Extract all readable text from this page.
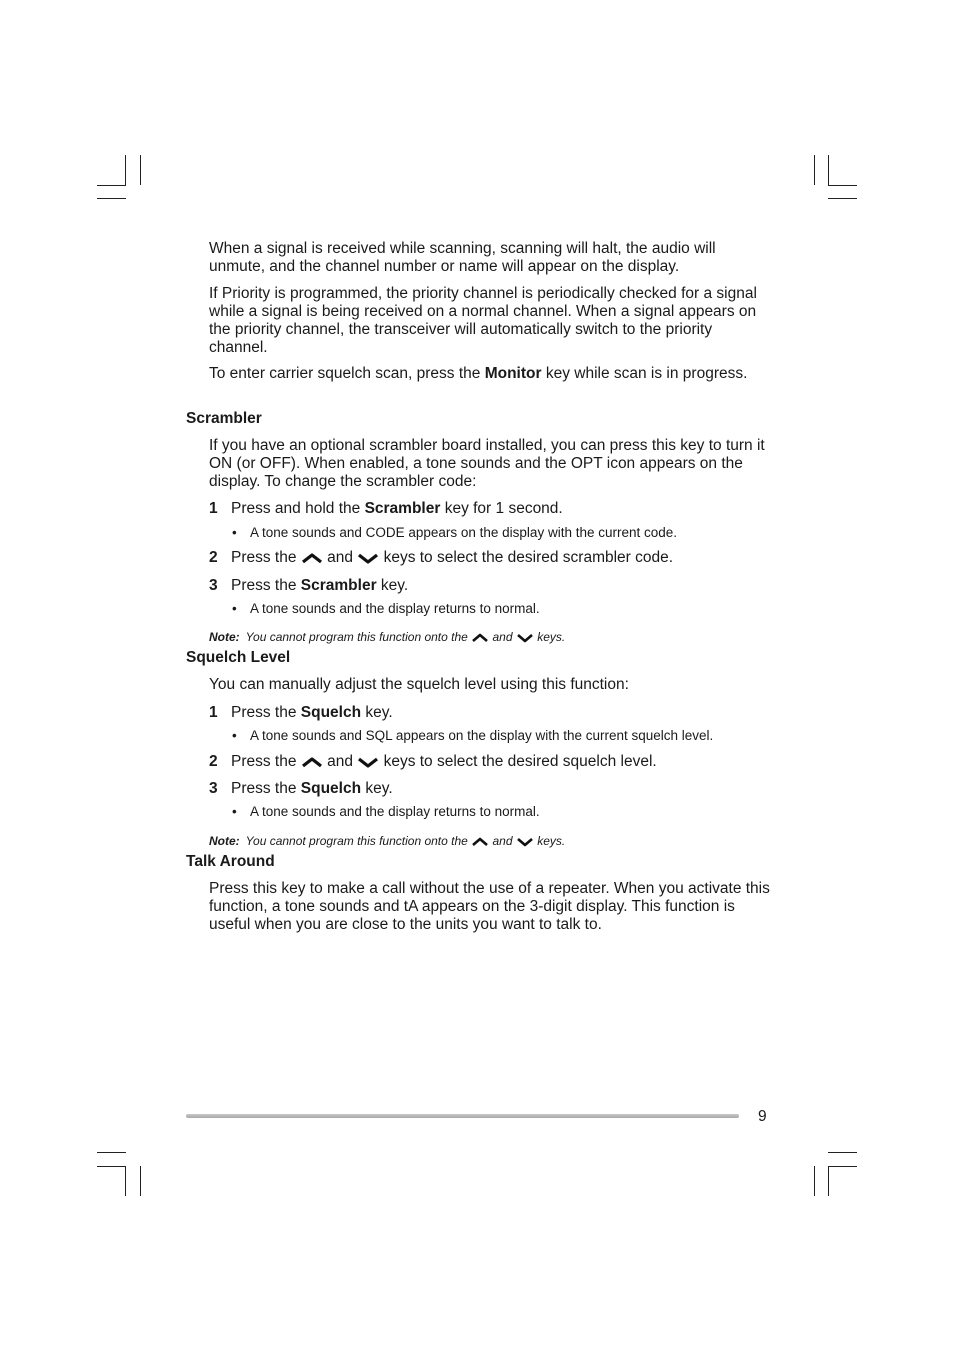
When a signal is received while scanning, scanning will halt, the audio will unmute, and the channel number or name will appear on the display.

If Priority is programmed, the priority channel is periodically checked for a signal while a signal is being received on a normal channel. When a signal appears on the priority channel, the transceiver will automatically switch to the priority channel.

To enter carrier squelch scan, press the Monitor key while scan is in progress.

Scrambler

If you have an optional scrambler board installed, you can press this key to turn it ON (or OFF). When enabled, a tone sounds and the OPT icon appears on the display. To change the scrambler code:

1 Press and hold the Scrambler key for 1 second.
• A tone sounds and CODE appears on the display with the current code.
2 Press the  and  keys to select the desired scrambler code.
3 Press the Scrambler key.
• A tone sounds and the display returns to normal.
Note: You cannot program this function onto the  and  keys.
Squelch Level

You can manually adjust the squelch level using this function:

1 Press the Squelch key.
• A tone sounds and SQL appears on the display with the current squelch level.
2 Press the  and  keys to select the desired squelch level.
3 Press the Squelch key.
• A tone sounds and the display returns to normal.
Note: You cannot program this function onto the  and  keys.
Talk Around

Press this key to make a call without the use of a repeater. When you activate this function, a tone sounds and tA appears on the 3-digit display. This function is useful when you are close to the units you want to talk to.

9
